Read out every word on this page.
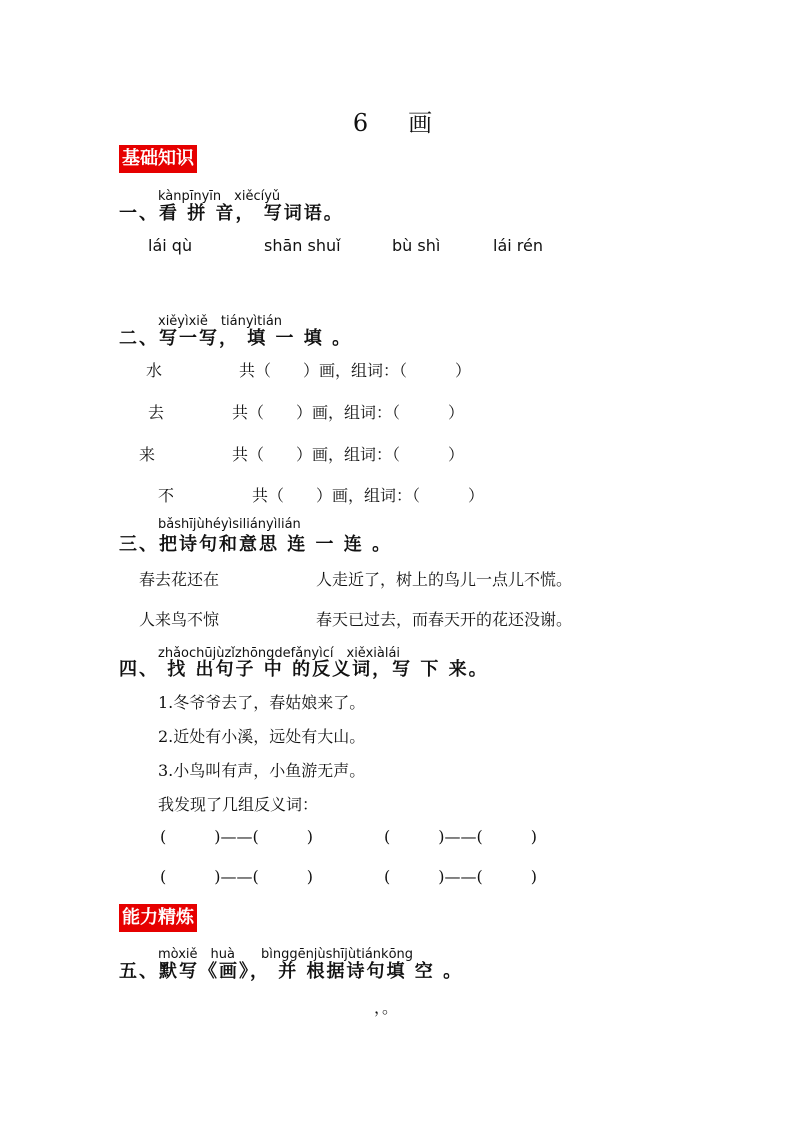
6　画
基础知识
kànpīnyīn　xiěcíyǔ
一、看 拼 音， 写词语。
lái qù	shān shuǐ	bù shì	lái rén
xiěyìxiě　tiányìtián
二、写一写， 填 一 填 。
水	共（　　）画，组词：（　　　）
去	共（　　）画，组词：（　　　）
来	共（　　）画，组词：（　　　）
不	共（　　）画，组词：（　　　）
bǎshījùhéyìsiliányìlián
三、把诗句和意思 连 一 连 。
春去花还在	人走近了，树上的鸟儿一点儿不慌。
人来鸟不惊	春天已过去，而春天开的花还没谢。
zhǎochūjùzǐzhōngdefǎnyìcí　xiěxiàlái
四、 找 出句子 中 的反义词，写 下 来。
1.冬爷爷去了，春姑娘来了。
2.近处有小溪，远处有大山。
3.小鸟叫有声，小鱼游无声。
我发现了几组反义词：
(　　　)——(　　　)	(　　　)——(　　　)
(　　　)——(　　　)	(　　　)——(　　　)
能力精炼
mòxiě　huà　　bìnggēnjùshījùtiánkōng
五、默写《画》， 并 根据诗句填 空 。
，。
